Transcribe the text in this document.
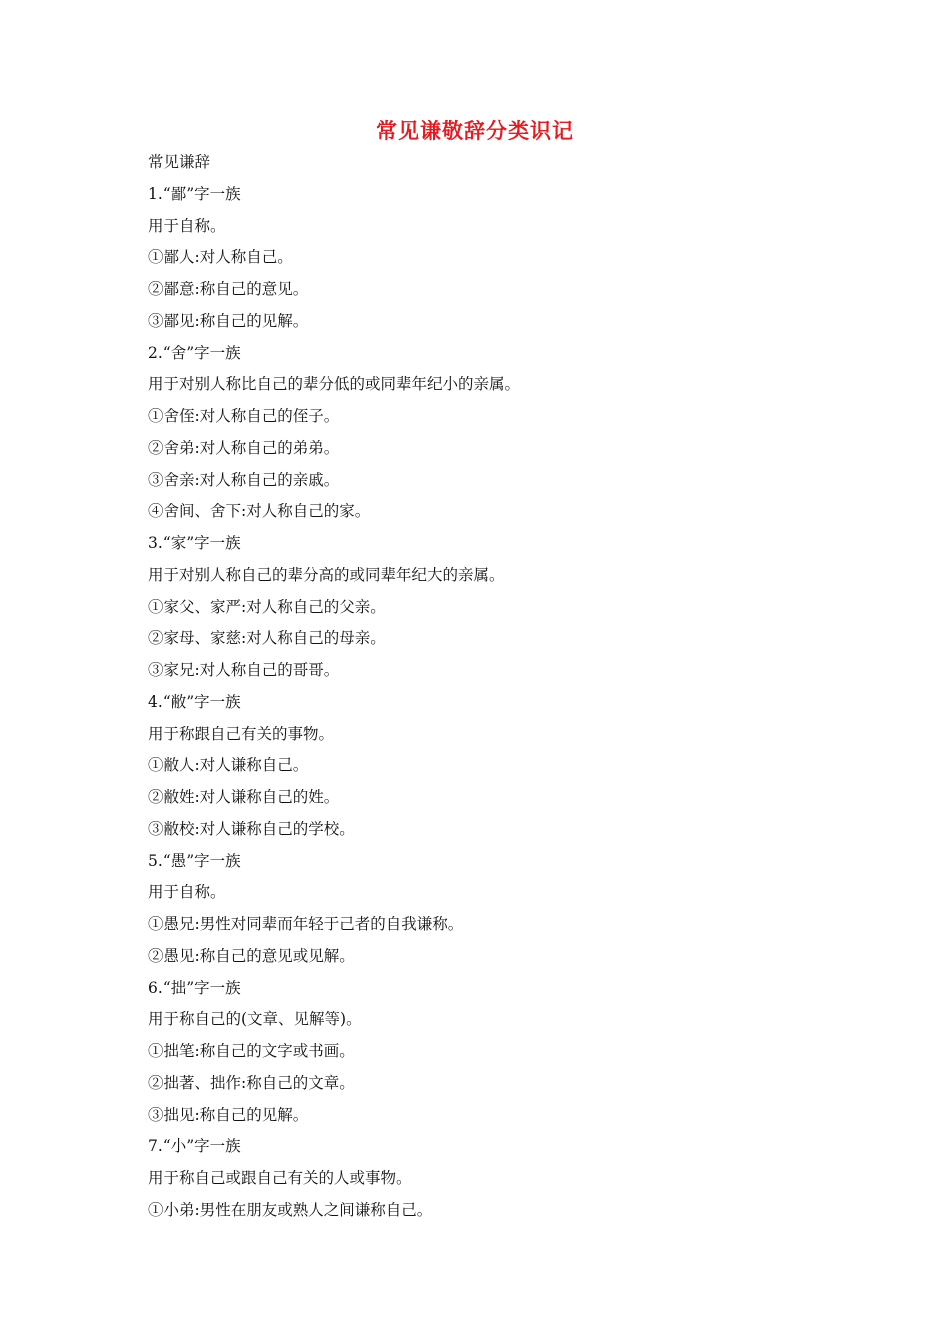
常见谦敬辞分类识记
常见谦辞
1.“鄙”字一族
用于自称。
①鄙人:对人称自己。
②鄙意:称自己的意见。
③鄙见:称自己的见解。
2.“舍”字一族
用于对别人称比自己的辈分低的或同辈年纪小的亲属。
①舍侄:对人称自己的侄子。
②舍弟:对人称自己的弟弟。
③舍亲:对人称自己的亲戚。
④舍间、舍下:对人称自己的家。
3.“家”字一族
用于对别人称自己的辈分高的或同辈年纪大的亲属。
①家父、家严:对人称自己的父亲。
②家母、家慈:对人称自己的母亲。
③家兄:对人称自己的哥哥。
4.“敝”字一族
用于称跟自己有关的事物。
①敝人:对人谦称自己。
②敝姓:对人谦称自己的姓。
③敝校:对人谦称自己的学校。
5.“愚”字一族
用于自称。
①愚兄:男性对同辈而年轻于己者的自我谦称。
②愚见:称自己的意见或见解。
6.“拙”字一族
用于称自己的(文章、见解等)。
①拙笔:称自己的文字或书画。
②拙著、拙作:称自己的文章。
③拙见:称自己的见解。
7.“小”字一族
用于称自己或跟自己有关的人或事物。
①小弟:男性在朋友或熟人之间谦称自己。
